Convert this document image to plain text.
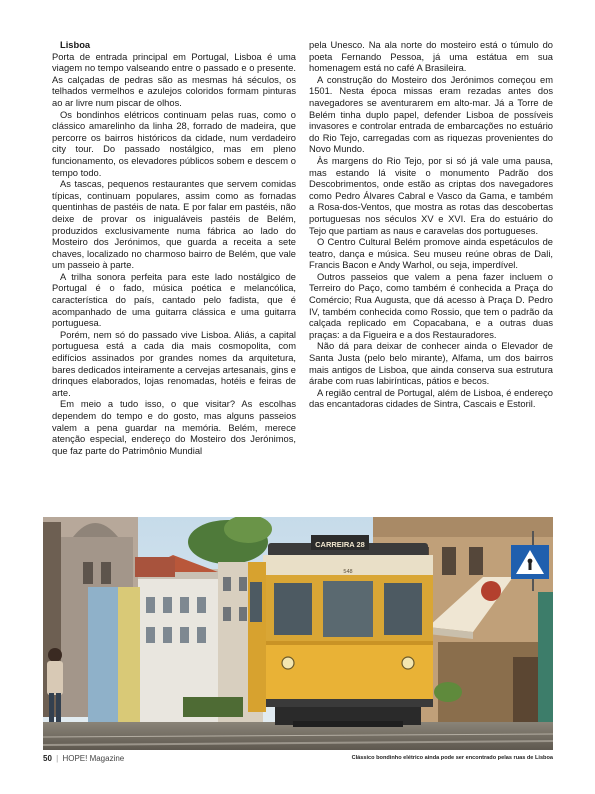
Lisboa

Porta de entrada principal em Portugal, Lisboa é uma viagem no tempo valseando entre o passado e o presente. As calçadas de pedras são as mesmas há séculos, os telhados vermelhos e azulejos coloridos formam pinturas ao ar livre num piscar de olhos.

Os bondinhos elétricos continuam pelas ruas, como o clássico amarelinho da linha 28, forrado de madeira, que percorre os bairros históricos da cidade, num verdadeiro city tour. Do passado nostálgico, mas em pleno funcionamento, os elevadores públicos sobem e descem o tempo todo.

As tascas, pequenos restaurantes que servem comidas típicas, continuam populares, assim como as fornadas quentinhas de pastéis de nata. E por falar em pastéis, não deixe de provar os inigualáveis pastéis de Belém, produzidos exclusivamente numa fábrica ao lado do Mosteiro dos Jerónimos, que guarda a receita a sete chaves, localizado no charmoso bairro de Belém, que vale um passeio à parte.

A trilha sonora perfeita para este lado nostálgico de Portugal é o fado, música poética e melancólica, característica do país, cantado pelo fadista, que é acompanhado de uma guitarra clássica e uma guitarra portuguesa.

Porém, nem só do passado vive Lisboa. Aliás, a capital portuguesa está a cada dia mais cosmopolita, com edifícios assinados por grandes nomes da arquitetura, bares dedicados inteiramente a cervejas artesanais, gins e drinques elaborados, lojas renomadas, hotéis e feiras de arte.

Em meio a tudo isso, o que visitar? As escolhas dependem do tempo e do gosto, mas alguns passeios valem a pena guardar na memória. Belém, merece atenção especial, endereço do Mosteiro dos Jerónimos, que faz parte do Patrimônio Mundial

pela Unesco. Na ala norte do mosteiro está o túmulo do poeta Fernando Pessoa, já uma estátua em sua homenagem está no café A Brasileira.

A construção do Mosteiro dos Jerónimos começou em 1501. Nesta época missas eram rezadas antes dos navegadores se aventurarem em alto-mar. Já a Torre de Belém tinha duplo papel, defender Lisboa de possíveis invasores e controlar entrada de embarcações no estuário do Rio Tejo, carregadas com as riquezas provenientes do Novo Mundo.

Às margens do Rio Tejo, por si só já vale uma pausa, mas estando lá visite o monumento Padrão dos Descobrimentos, onde estão as criptas dos navegadores como Pedro Álvares Cabral e Vasco da Gama, e também a Rosa-dos-Ventos, que mostra as rotas das descobertas portuguesas nos séculos XV e XVI. Era do estuário do Tejo que partiam as naus e caravelas dos portugueses.

O Centro Cultural Belém promove ainda espetáculos de teatro, dança e música. Seu museu reúne obras de Dali, Francis Bacon e Andy Warhol, ou seja, imperdível.

Outros passeios que valem a pena fazer incluem o Terreiro do Paço, como também é conhecida a Praça do Comércio; Rua Augusta, que dá acesso à Praça D. Pedro IV, também conhecida como Rossio, que tem o padrão da calçada replicado em Copacabana, e a outras duas praças: a da Figueira e a dos Restauradores.

Não dá para deixar de conhecer ainda o Elevador de Santa Justa (pelo belo mirante), Alfama, um dos bairros mais antigos de Lisboa, que ainda conserva sua estrutura árabe com ruas labirínticas, pátios e becos.

A região central de Portugal, além de Lisboa, é endereço das encantadoras cidades de Sintra, Cascais e Estoril.

CARREIRA 28
548
50 | HOPE! Magazine	Clássico bondinho elétrico ainda pode ser encontrado pelas ruas de Lisboa
